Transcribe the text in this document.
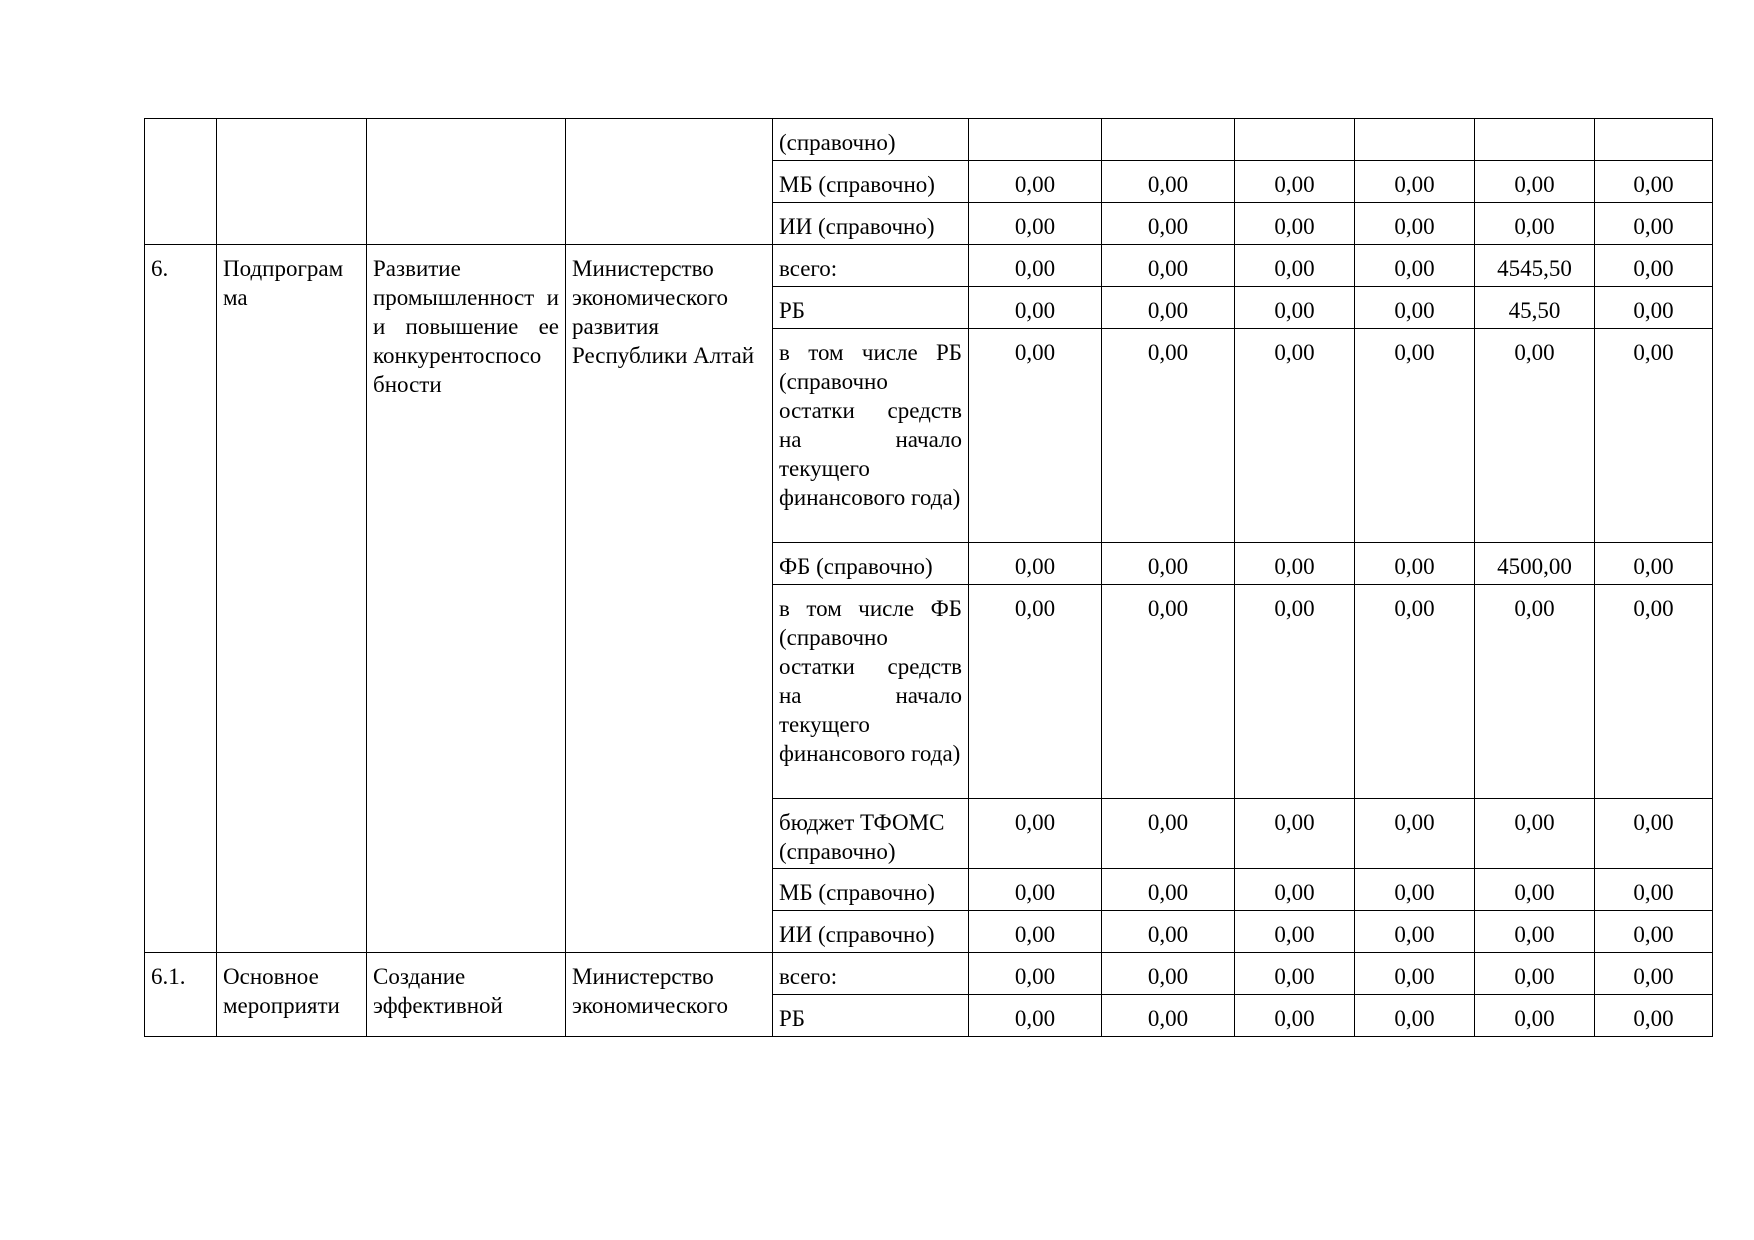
				(справочно)						
				МБ (справочно)	0,00	0,00	0,00	0,00	0,00	0,00
				ИИ (справочно)	0,00	0,00	0,00	0,00	0,00	0,00
6.	Подпрограм ма	Развитие промышленност и и повышение ее конкурентоспосо бности	Министерство экономического развития Республики Алтай	всего:	0,00	0,00	0,00	0,00	4545,50	0,00
				РБ	0,00	0,00	0,00	0,00	45,50	0,00
				в том числе РБ (справочно остатки средств на начало текущего финансового года)	0,00	0,00	0,00	0,00	0,00	0,00
				ФБ (справочно)	0,00	0,00	0,00	0,00	4500,00	0,00
				в том числе ФБ (справочно остатки средств на начало текущего финансового года)	0,00	0,00	0,00	0,00	0,00	0,00
				бюджет ТФОМС (справочно)	0,00	0,00	0,00	0,00	0,00	0,00
				МБ (справочно)	0,00	0,00	0,00	0,00	0,00	0,00
				ИИ (справочно)	0,00	0,00	0,00	0,00	0,00	0,00
6.1.	Основное мероприяти	Создание эффективной	Министерство экономического	всего:	0,00	0,00	0,00	0,00	0,00	0,00
				РБ	0,00	0,00	0,00	0,00	0,00	0,00
